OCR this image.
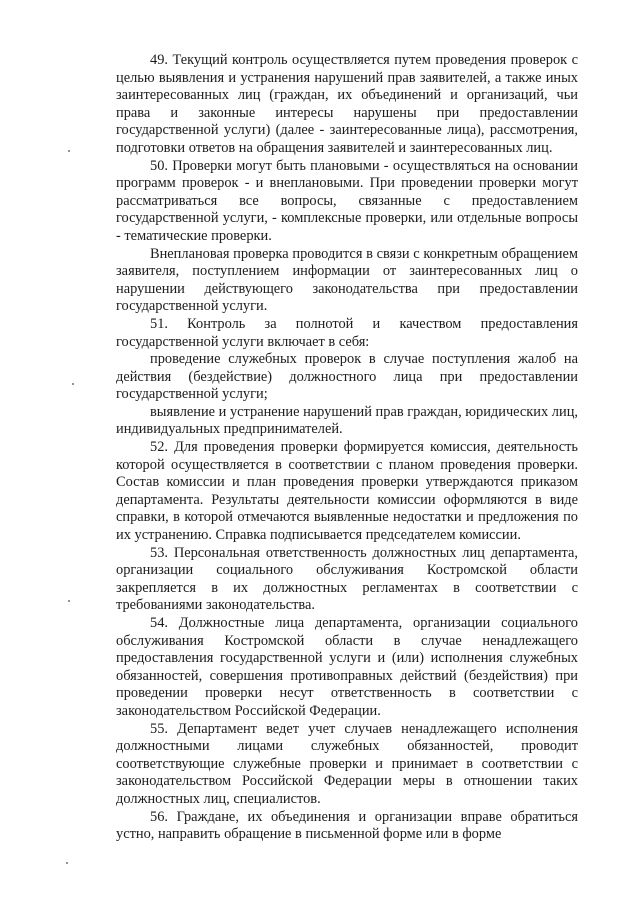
49. Текущий контроль осуществляется путем проведения проверок с целью выявления и устранения нарушений прав заявителей, а также иных заинтересованных лиц (граждан, их объединений и организаций, чьи права и законные интересы нарушены при предоставлении государственной услуги) (далее - заинтересованные лица), рассмотрения, подготовки ответов на обращения заявителей и заинтересованных лиц.

50. Проверки могут быть плановыми - осуществляться на основании программ проверок - и внеплановыми. При проведении проверки могут рассматриваться все вопросы, связанные с предоставлением государственной услуги, - комплексные проверки, или отдельные вопросы - тематические проверки.

Внеплановая проверка проводится в связи с конкретным обращением заявителя, поступлением информации от заинтересованных лиц о нарушении действующего законодательства при предоставлении государственной услуги.

51. Контроль за полнотой и качеством предоставления государственной услуги включает в себя:

проведение служебных проверок в случае поступления жалоб на действия (бездействие) должностного лица при предоставлении государственной услуги;

выявление и устранение нарушений прав граждан, юридических лиц, индивидуальных предпринимателей.

52. Для проведения проверки формируется комиссия, деятельность которой осуществляется в соответствии с планом проведения проверки. Состав комиссии и план проведения проверки утверждаются приказом департамента. Результаты деятельности комиссии оформляются в виде справки, в которой отмечаются выявленные недостатки и предложения по их устранению. Справка подписывается председателем комиссии.

53. Персональная ответственность должностных лиц департамента, организации социального обслуживания Костромской области закрепляется в их должностных регламентах в соответствии с требованиями законодательства.

54. Должностные лица департамента, организации социального обслуживания Костромской области в случае ненадлежащего предоставления государственной услуги и (или) исполнения служебных обязанностей, совершения противоправных действий (бездействия) при проведении проверки несут ответственность в соответствии с законодательством Российской Федерации.

55. Департамент ведет учет случаев ненадлежащего исполнения должностными лицами служебных обязанностей, проводит соответствующие служебные проверки и принимает в соответствии с законодательством Российской Федерации меры в отношении таких должностных лиц, специалистов.

56. Граждане, их объединения и организации вправе обратиться устно, направить обращение в письменной форме или в форме
